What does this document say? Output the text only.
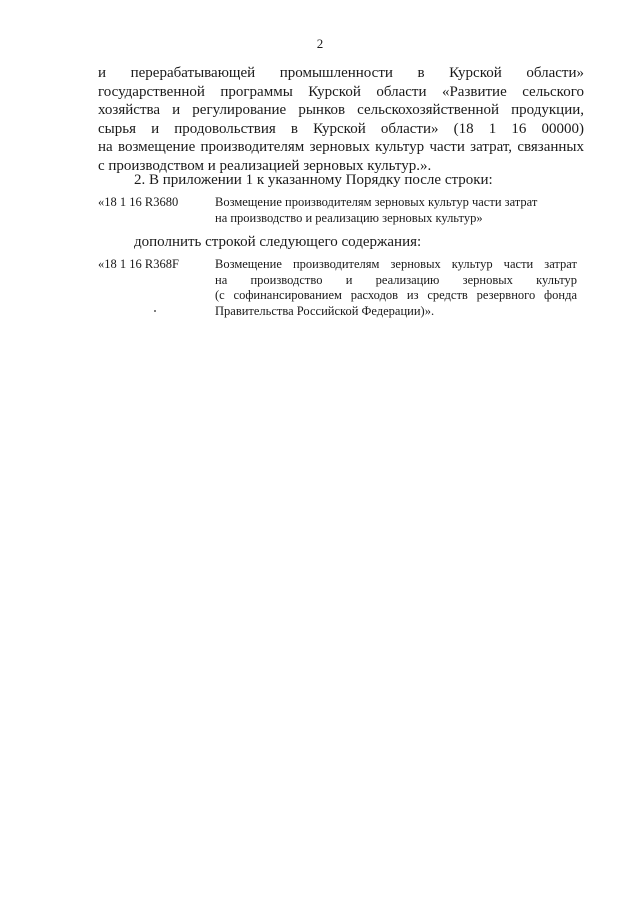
2
и перерабатывающей промышленности в Курской области»
государственной программы Курской области «Развитие сельского
хозяйства и регулирование рынков сельскохозяйственной продукции,
сырья и продовольствия в Курской области» (18 1 16 00000)
на возмещение производителям зерновых культур части затрат, связанных
с производством и реализацией зерновых культур.».
2. В приложении 1 к указанному Порядку после строки:
«18 1 16 R3680	Возмещение производителям зерновых культур части затрат
на производство и реализацию зерновых культур»
дополнить строкой следующего содержания:
«18 1 16 R368F	Возмещение производителям зерновых культур части затрат
на производство и реализацию зерновых культур
(с софинансированием расходов из средств резервного фонда
Правительства Российской Федерации)».
